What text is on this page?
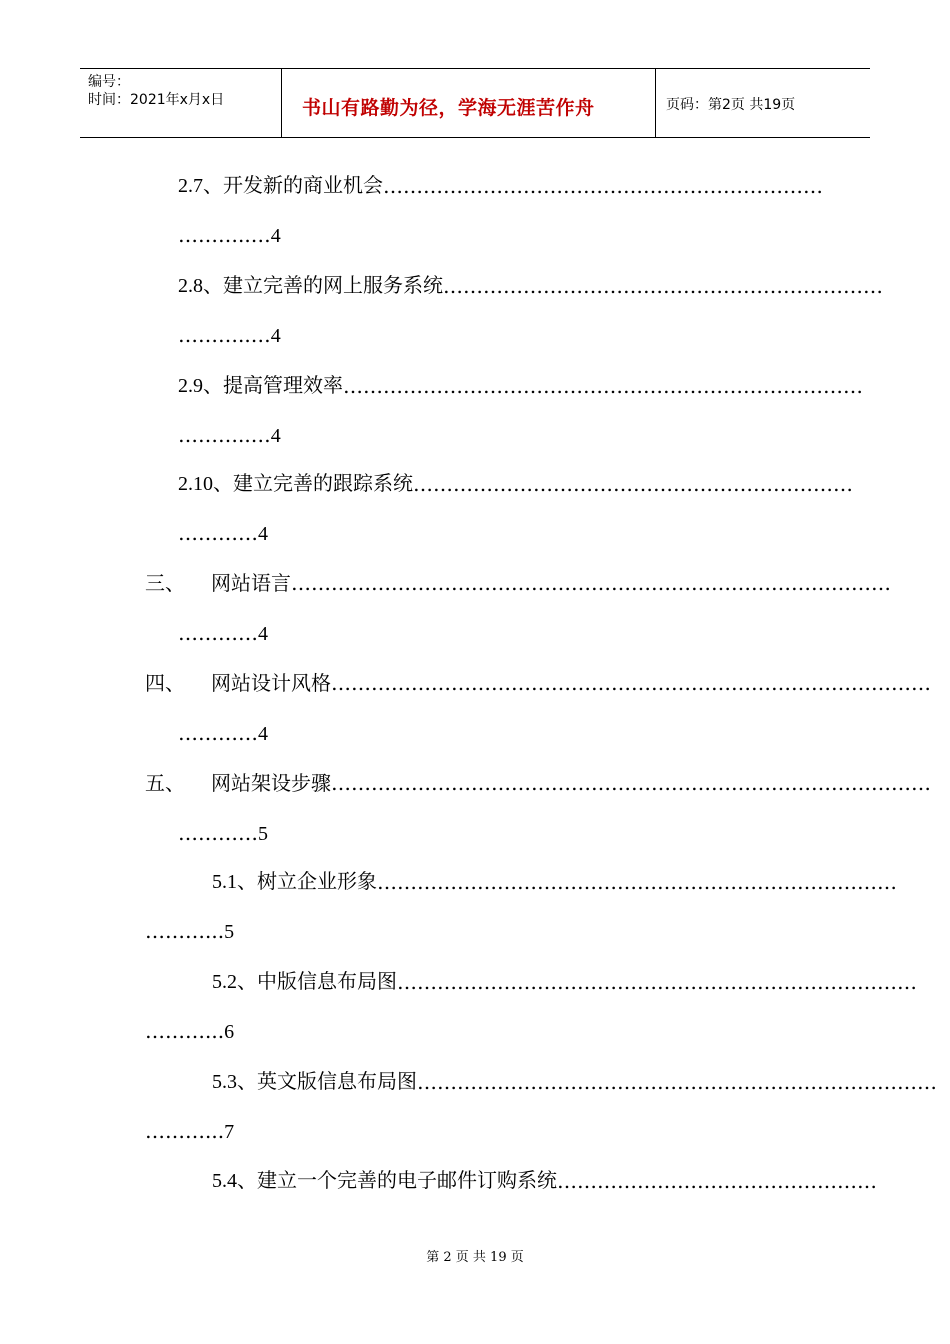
编号：
时间：2021年x月x日	书山有路勤为径，学海无涯苦作舟	页码：第2页 共19页
2.7、开发新的商业机会…………………………………………………………
………..…4
2.8、建立完善的网上服务系统…………………………………………………………
………..…4
2.9、提高管理效率……………………………………………………………………
………..…4
2.10、建立完善的跟踪系统…………………………………………………………
…………4
三、 网站语言………………………………………………………………………………
…………4
四、 网站设计风格………………………………………………………………………………
…………4
五、 网站架设步骤………………………………………………………………………………
…………5
5.1、树立企业形象……………………………………………………………………
………...5
5.2、中版信息布局图……………………………………………………………………
………...6
5.3、英文版信息布局图……………………………………………………………………
………...7
5.4、建立一个完善的电子邮件订购系统…………………………………………
第 2 页 共 19 页
